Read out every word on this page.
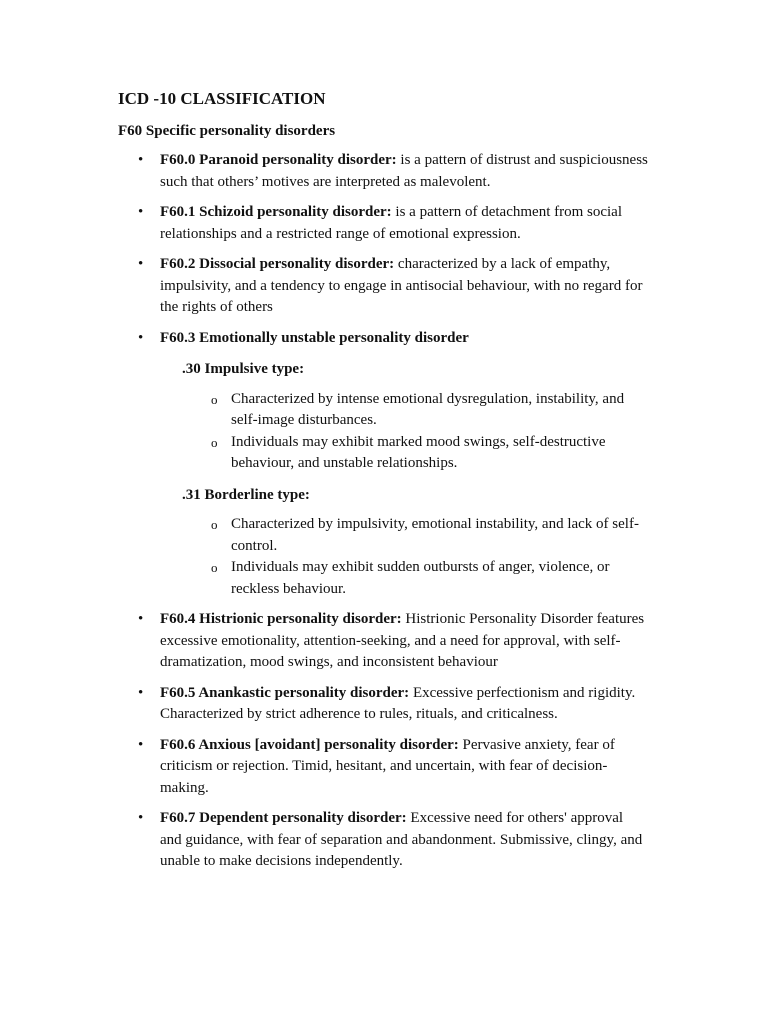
ICD -10 CLASSIFICATION
F60 Specific personality disorders
• F60.0 Paranoid personality disorder: is a pattern of distrust and suspiciousness such that others’ motives are interpreted as malevolent.
• F60.1 Schizoid personality disorder: is a pattern of detachment from social relationships and a restricted range of emotional expression.
• F60.2 Dissocial personality disorder: characterized by a lack of empathy, impulsivity, and a tendency to engage in antisocial behaviour, with no regard for the rights of others
• F60.3 Emotionally unstable personality disorder
.30 Impulsive type:
o Characterized by intense emotional dysregulation, instability, and self-image disturbances.
o Individuals may exhibit marked mood swings, self-destructive behaviour, and unstable relationships.
.31 Borderline type:
o Characterized by impulsivity, emotional instability, and lack of self-control.
o Individuals may exhibit sudden outbursts of anger, violence, or reckless behaviour.
• F60.4 Histrionic personality disorder: Histrionic Personality Disorder features excessive emotionality, attention-seeking, and a need for approval, with self-dramatization, mood swings, and inconsistent behaviour
• F60.5 Anankastic personality disorder: Excessive perfectionism and rigidity. Characterized by strict adherence to rules, rituals, and criticalness.
• F60.6 Anxious [avoidant] personality disorder: Pervasive anxiety, fear of criticism or rejection. Timid, hesitant, and uncertain, with fear of decision-making.
• F60.7 Dependent personality disorder: Excessive need for others' approval and guidance, with fear of separation and abandonment. Submissive, clingy, and unable to make decisions independently.
